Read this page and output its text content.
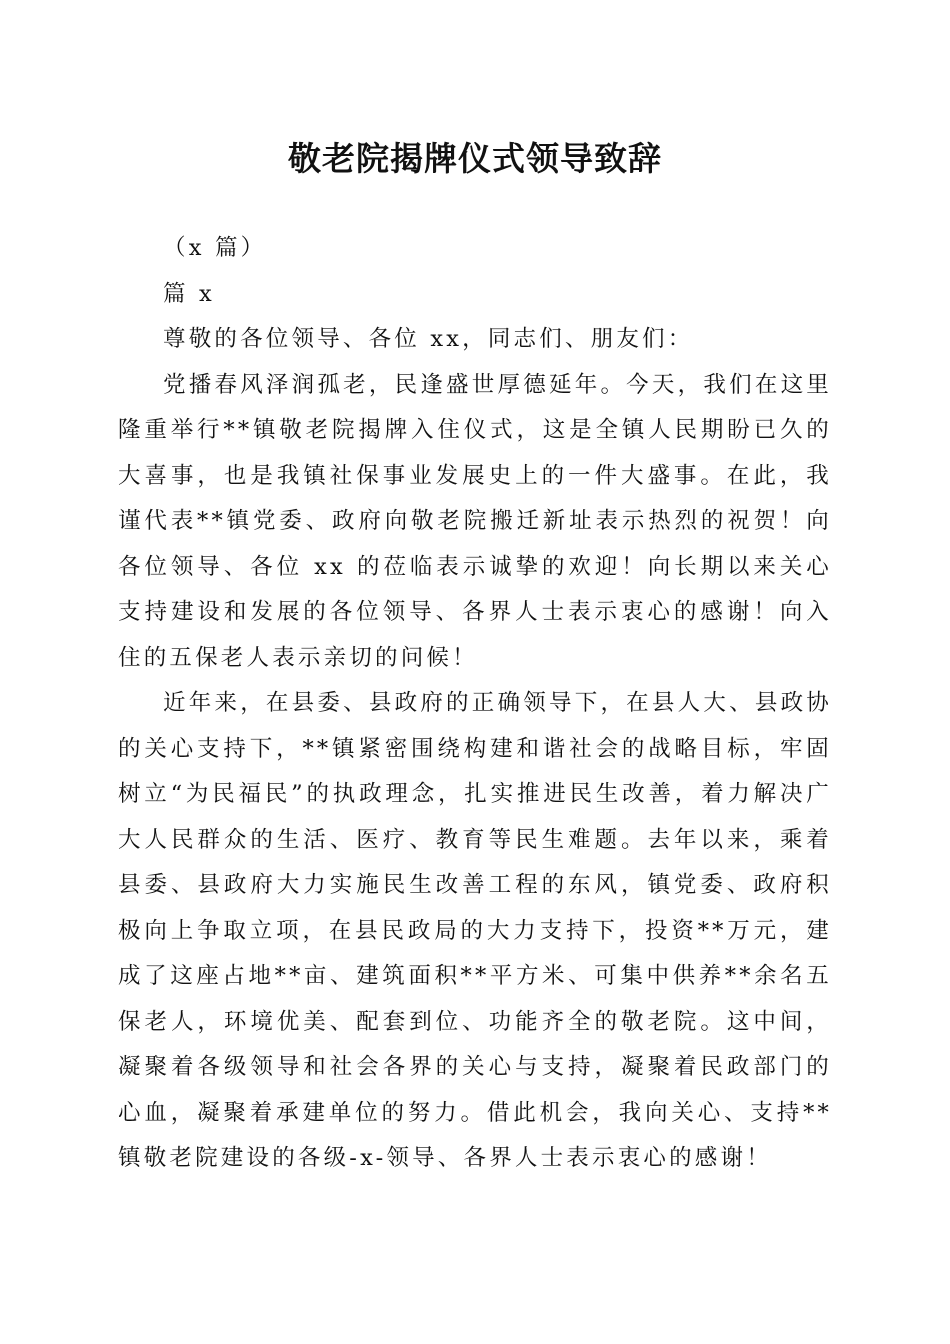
敬老院揭牌仪式领导致辞

（x 篇）

篇 x

尊敬的各位领导、各位 xx，同志们、朋友们：

党播春风泽润孤老，民逢盛世厚德延年。今天，我们在这里隆重举行**镇敬老院揭牌入住仪式，这是全镇人民期盼已久的大喜事，也是我镇社保事业发展史上的一件大盛事。在此，我谨代表**镇党委、政府向敬老院搬迁新址表示热烈的祝贺！向各位领导、各位 xx 的莅临表示诚挚的欢迎！向长期以来关心支持建设和发展的各位领导、各界人士表示衷心的感谢！向入住的五保老人表示亲切的问候！

近年来，在县委、县政府的正确领导下，在县人大、县政协的关心支持下，**镇紧密围绕构建和谐社会的战略目标，牢固树立“为民福民”的执政理念，扎实推进民生改善，着力解决广大人民群众的生活、医疗、教育等民生难题。去年以来，乘着县委、县政府大力实施民生改善工程的东风，镇党委、政府积极向上争取立项，在县民政局的大力支持下，投资**万元，建成了这座占地**亩、建筑面积**平方米、可集中供养**余名五保老人，环境优美、配套到位、功能齐全的敬老院。这中间，凝聚着各级领导和社会各界的关心与支持，凝聚着民政部门的心血，凝聚着承建单位的努力。借此机会，我向关心、支持**镇敬老院建设的各级-x-领导、各界人士表示衷心的感谢！
